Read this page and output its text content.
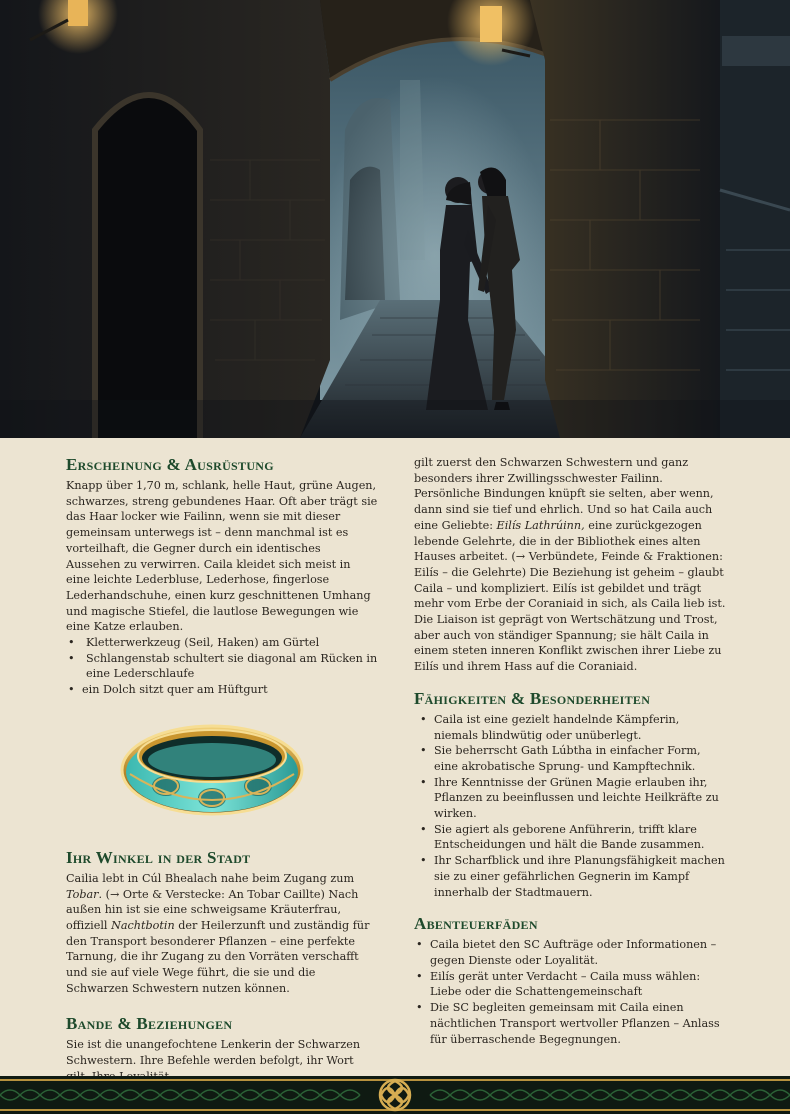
Erscheinung & Ausrüstung

Knapp über 1,70 m, schlank, helle Haut, grüne Augen, schwarzes, streng gebundenes Haar. Oft aber trägt sie das Haar locker wie Failinn, wenn sie mit dieser gemeinsam unterwegs ist – denn manchmal ist es vorteilhaft, die Gegner durch ein identisches Aussehen zu verwirren. Caila kleidet sich meist in eine leichte Lederbluse, Lederhose, fingerlose Lederhandschuhe, einen kurz geschnittenen Umhang und magische Stiefel, die lautlose Bewegungen wie eine Katze erlauben.

• Kletterwerkzeug (Seil, Haken) am Gürtel
• Schlangenstab schultert sie diagonal am Rücken in eine Lederschlaufe
• ein Dolch sitzt quer am Hüftgurt
Ihr Winkel in der Stadt

Cailia lebt in Cúl Bhealach nahe beim Zugang zum Tobar. (→ Orte & Verstecke: An Tobar Caillte) Nach außen hin ist sie eine schweigsame Kräuterfrau, offiziell Nachtbotin der Heilerzunft und zuständig für den Transport besonderer Pflanzen – eine perfekte Tarnung, die ihr Zugang zu den Vorräten verschafft und sie auf viele Wege führt, die sie und die Schwarzen Schwestern nutzen können.

Bande & Beziehungen

Sie ist die unangefochtene Lenkerin der Schwarzen Schwestern. Ihre Befehle werden befolgt, ihr Wort

gilt zuerst den Schwarzen Schwestern und ganz besonders ihrer Zwillingsschwester Failinn. Persönliche Bindungen knüpft sie selten, aber wenn, dann sind sie tief und ehrlich. Und so hat Caila auch eine Geliebte: Eilís Lathrúinn, eine zurückgezogen lebende Gelehrte, die in der Bibliothek eines alten Hauses arbeitet. (→ Verbündete, Feinde & Fraktionen: Eilís – die Gelehrte) Die Beziehung ist geheim – glaubt Caila – und kompliziert. Eilís ist gebildet und trägt mehr vom Erbe der Coraniaid in sich, als Caila lieb ist. Die Liaison ist geprägt von Wertschätzung und Trost, aber auch von ständiger Spannung; sie hält Caila in einem steten inneren Konflikt zwischen ihrer Liebe zu Eilís und ihrem Hass auf die Coraniaid.

Fähigkeiten & Besonderheiten
• Caila ist eine gezielt handelnde Kämpferin, niemals blindwütig oder unüberlegt.
• Sie beherrscht Gath Lúbtha in einfacher Form, eine akrobatische Sprung- und Kampftechnik.
• Ihre Kenntnisse der Grünen Magie erlauben ihr, Pflanzen zu beeinflussen und leichte Heilkräfte zu wirken.
• Sie agiert als geborene Anführerin, trifft klare Entscheidungen und hält die Bande zusammen.
• Ihr Scharfblick und ihre Planungsfähigkeit machen sie zu einer gefährlichen Gegnerin im Kampf innerhalb der Stadtmauern.
Abenteuerfäden
• Caila bietet den SC Aufträge oder Informationen – gegen Dienste oder Loyalität.
• Eilís gerät unter Verdacht – Caila muss wählen: Liebe oder die Schattengemeinschaft
• Die SC begleiten gemeinsam mit Caila einen nächtlichen Transport wertvoller Pflanzen – Anlass für überraschende Begegnungen.
